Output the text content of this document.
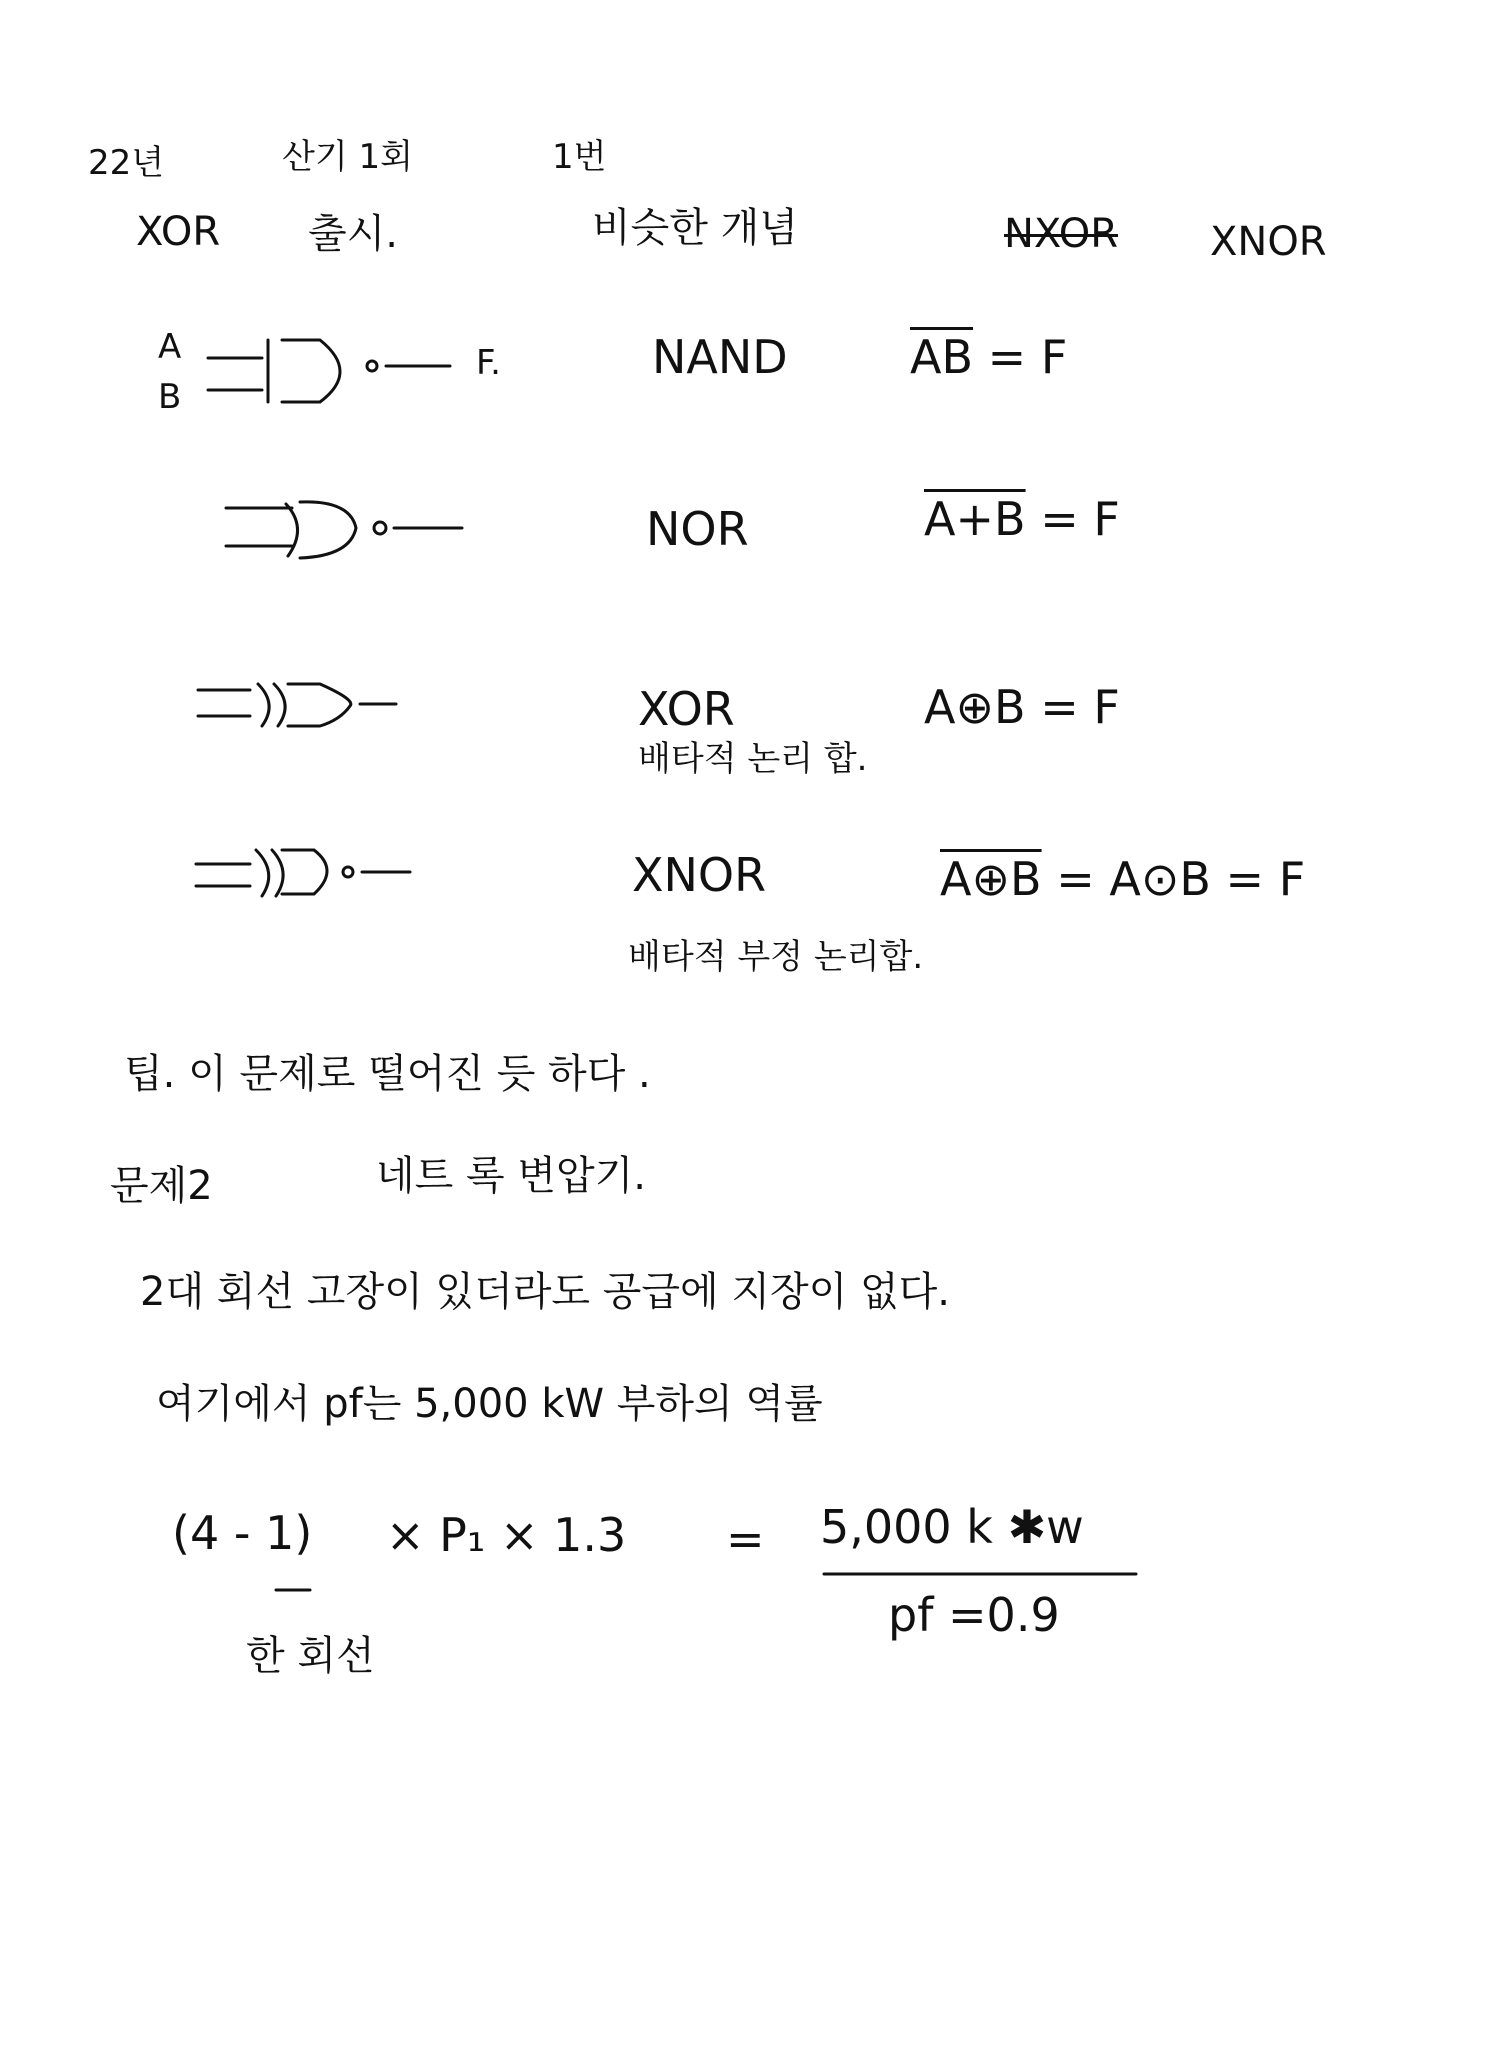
22년	산기 1회	1번
XOR 출시.	비슷한 개념	NXOR XNOR
A
B
F.	NAND	$\overline{AB} = F$
NOR	A+B = F
XOR	A⊕B = F
배타적 논리 합.
XNOR	A⊕B = A⊙B = F
배타적 부정 논리합.
팁. 이 문제로 떨어진 듯 하다 .
문제2	네트 록 변압기.
2대 회선 고장이 있더라도 공급에 지장이 없다.
여기에서 pf는 5,000 kW 부하의 역률
(4 - 1) × P₁ × 1.3 = 5,000 k ✱w
pf =0.9
한 회선
